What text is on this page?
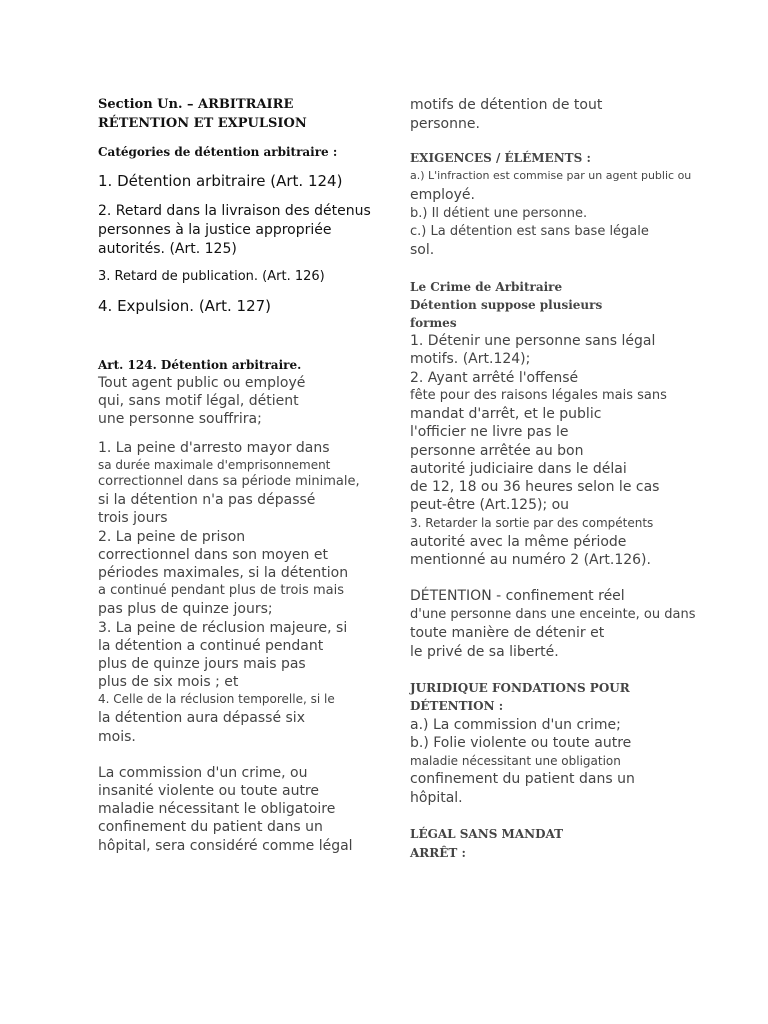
Section Un. – ARBITRAIRE
RÉTENTION ET EXPULSION
Catégories de détention arbitraire :
1. Détention arbitraire (Art. 124)
2. Retard dans la livraison des détenus
personnes à la justice appropriée
autorités. (Art. 125)
3. Retard de publication. (Art. 126)
4. Expulsion. (Art. 127)
Art. 124. Détention arbitraire.
Tout agent public ou employé
qui, sans motif légal, détient
une personne souffrira;
1. La peine d'arresto mayor dans
sa durée maximale d'emprisonnement
correctionnel dans sa période minimale,
si la détention n'a pas dépassé
trois jours
2. La peine de prison
correctionnel dans son moyen et
périodes maximales, si la détention
a continué pendant plus de trois mais
pas plus de quinze jours;
3. La peine de réclusion majeure, si
la détention a continué pendant
plus de quinze jours mais pas
plus de six mois ; et
4. Celle de la réclusion temporelle, si le
la détention aura dépassé six
mois.
La commission d'un crime, ou
insanité violente ou toute autre
maladie nécessitant le obligatoire
confinement du patient dans un
hôpital, sera considéré comme légal
motifs de détention de tout
personne.
EXIGENCES / ÉLÉMENTS :
a.) L'infraction est commise par un agent public ou
employé.
b.) Il détient une personne.
c.) La détention est sans base légale
sol.
Le Crime de Arbitraire
Détention suppose plusieurs
formes
1. Détenir une personne sans légal
motifs. (Art.124);
2. Ayant arrêté l'offensé
fête pour des raisons légales mais sans
mandat d'arrêt, et le public
l'officier ne livre pas le
personne arrêtée au bon
autorité judiciaire dans le délai
de 12, 18 ou 36 heures selon le cas
peut-être (Art.125); ou
3. Retarder la sortie par des compétents
autorité avec la même période
mentionné au numéro 2 (Art.126).
DÉTENTION - confinement réel
d'une personne dans une enceinte, ou dans
toute manière de détenir et
le privé de sa liberté.
JURIDIQUE FONDATIONS POUR
DÉTENTION :
a.) La commission d'un crime;
b.) Folie violente ou toute autre
maladie nécessitant une obligation
confinement du patient dans un
hôpital.
LÉGAL SANS MANDAT
ARRÊT :
